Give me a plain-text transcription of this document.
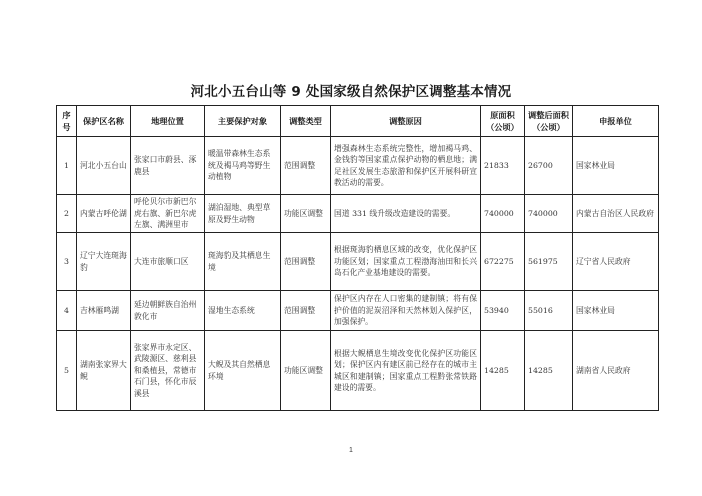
河北小五台山等 9 处国家级自然保护区调整基本情况
序号	保护区名称	地理位置	主要保护对象	调整类型	调整原因	原面积（公顷）	调整后面积（公顷）	申报单位
1	河北小五台山	张家口市蔚县、涿鹿县	暖温带森林生态系统及褐马鸡等野生动植物	范围调整	增强森林生态系统完整性，增加褐马鸡、金钱豹等国家重点保护动物的栖息地；满足社区发展生态旅游和保护区开展科研宣教活动的需要。	21833	26700	国家林业局
2	内蒙古呼伦湖	呼伦贝尔市新巴尔虎右旗、新巴尔虎左旗、满洲里市	湖泊湿地、典型草原及野生动物	功能区调整	国道 331 线升级改造建设的需要。	740000	740000	内蒙古自治区人民政府
3	辽宁大连斑海豹	大连市旅顺口区	斑海豹及其栖息生境	范围调整	根据斑海豹栖息区域的改变，优化保护区功能区划；国家重点工程渤海油田和长兴岛石化产业基地建设的需要。	672275	561975	辽宁省人民政府
4	吉林雁鸣湖	延边朝鲜族自治州敦化市	湿地生态系统	范围调整	保护区内存在人口密集的建制镇；将有保护价值的泥炭沼泽和天然林划入保护区，加强保护。	53940	55016	国家林业局
5	湖南张家界大鲵	张家界市永定区、武陵源区、慈利县和桑植县，常德市石门县，怀化市辰溪县	大鲵及其自然栖息环境	功能区调整	根据大鲵栖息生境改变优化保护区功能区划；保护区内有建区前已经存在的城市主城区和建制镇；国家重点工程黔张常铁路建设的需要。	14285	14285	湖南省人民政府
1
